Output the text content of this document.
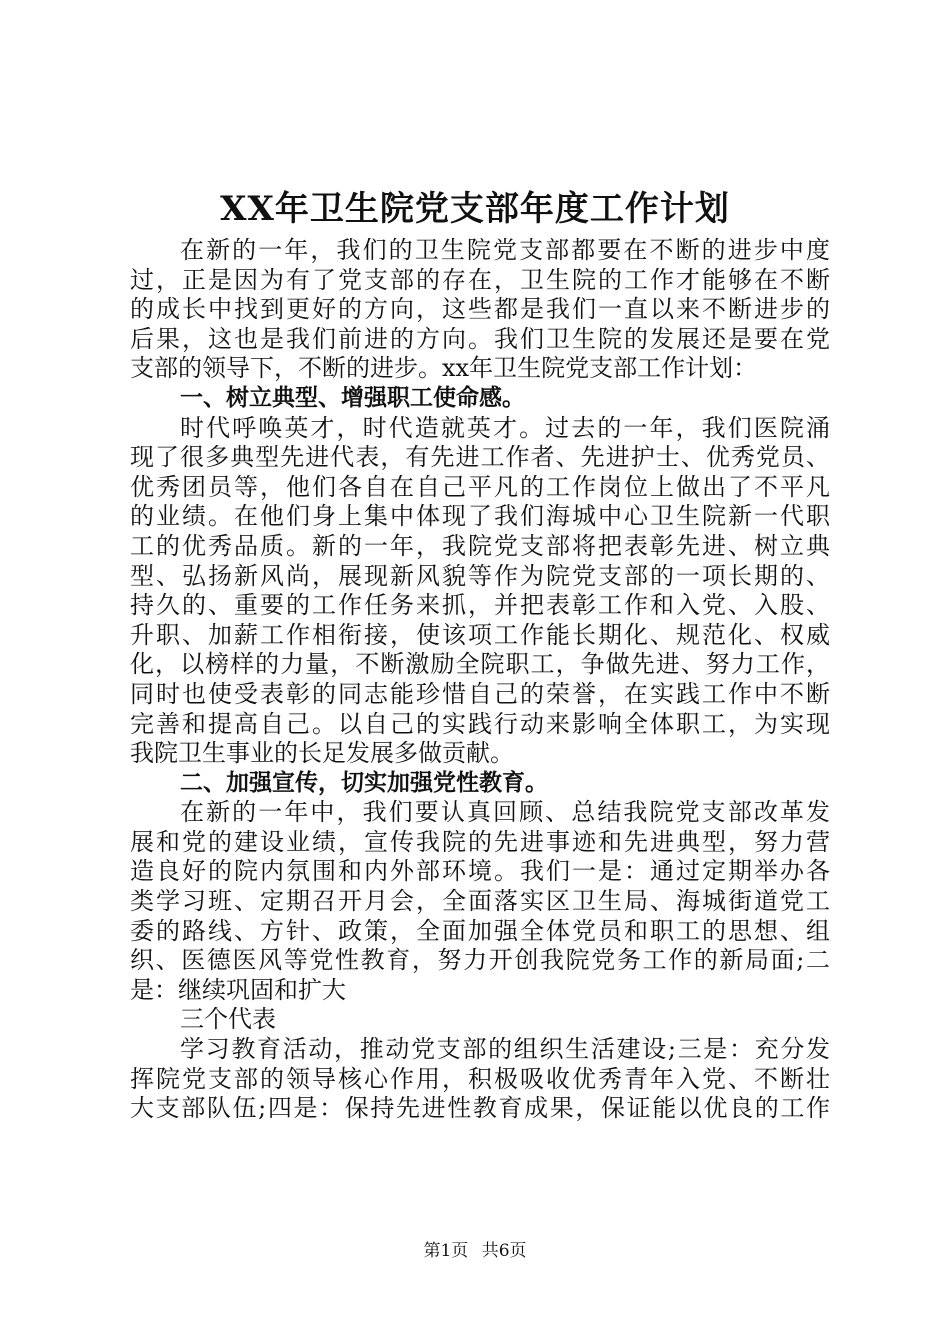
XX年卫生院党支部年度工作计划
在新的一年，我们的卫生院党支部都要在不断的进步中度
过，正是因为有了党支部的存在，卫生院的工作才能够在不断
的成长中找到更好的方向，这些都是我们一直以来不断进步的
后果，这也是我们前进的方向。我们卫生院的发展还是要在党
支部的领导下，不断的进步。xx年卫生院党支部工作计划：
一、树立典型、增强职工使命感。
时代呼唤英才，时代造就英才。过去的一年，我们医院涌
现了很多典型先进代表，有先进工作者、先进护士、优秀党员、
优秀团员等，他们各自在自己平凡的工作岗位上做出了不平凡
的业绩。在他们身上集中体现了我们海城中心卫生院新一代职
工的优秀品质。新的一年，我院党支部将把表彰先进、树立典
型、弘扬新风尚，展现新风貌等作为院党支部的一项长期的、
持久的、重要的工作任务来抓，并把表彰工作和入党、入股、
升职、加薪工作相衔接，使该项工作能长期化、规范化、权威
化，以榜样的力量，不断激励全院职工，争做先进、努力工作，
同时也使受表彰的同志能珍惜自己的荣誉，在实践工作中不断
完善和提高自己。以自己的实践行动来影响全体职工，为实现
我院卫生事业的长足发展多做贡献。
二、加强宣传，切实加强党性教育。
在新的一年中，我们要认真回顾、总结我院党支部改革发
展和党的建设业绩，宣传我院的先进事迹和先进典型，努力营
造良好的院内氛围和内外部环境。我们一是：通过定期举办各
类学习班、定期召开月会，全面落实区卫生局、海城街道党工
委的路线、方针、政策，全面加强全体党员和职工的思想、组
织、医德医风等党性教育，努力开创我院党务工作的新局面;二
是：继续巩固和扩大
三个代表
学习教育活动，推动党支部的组织生活建设;三是：充分发
挥院党支部的领导核心作用，积极吸收优秀青年入党、不断壮
大支部队伍;四是：保持先进性教育成果，保证能以优良的工作
第1页 共6页
